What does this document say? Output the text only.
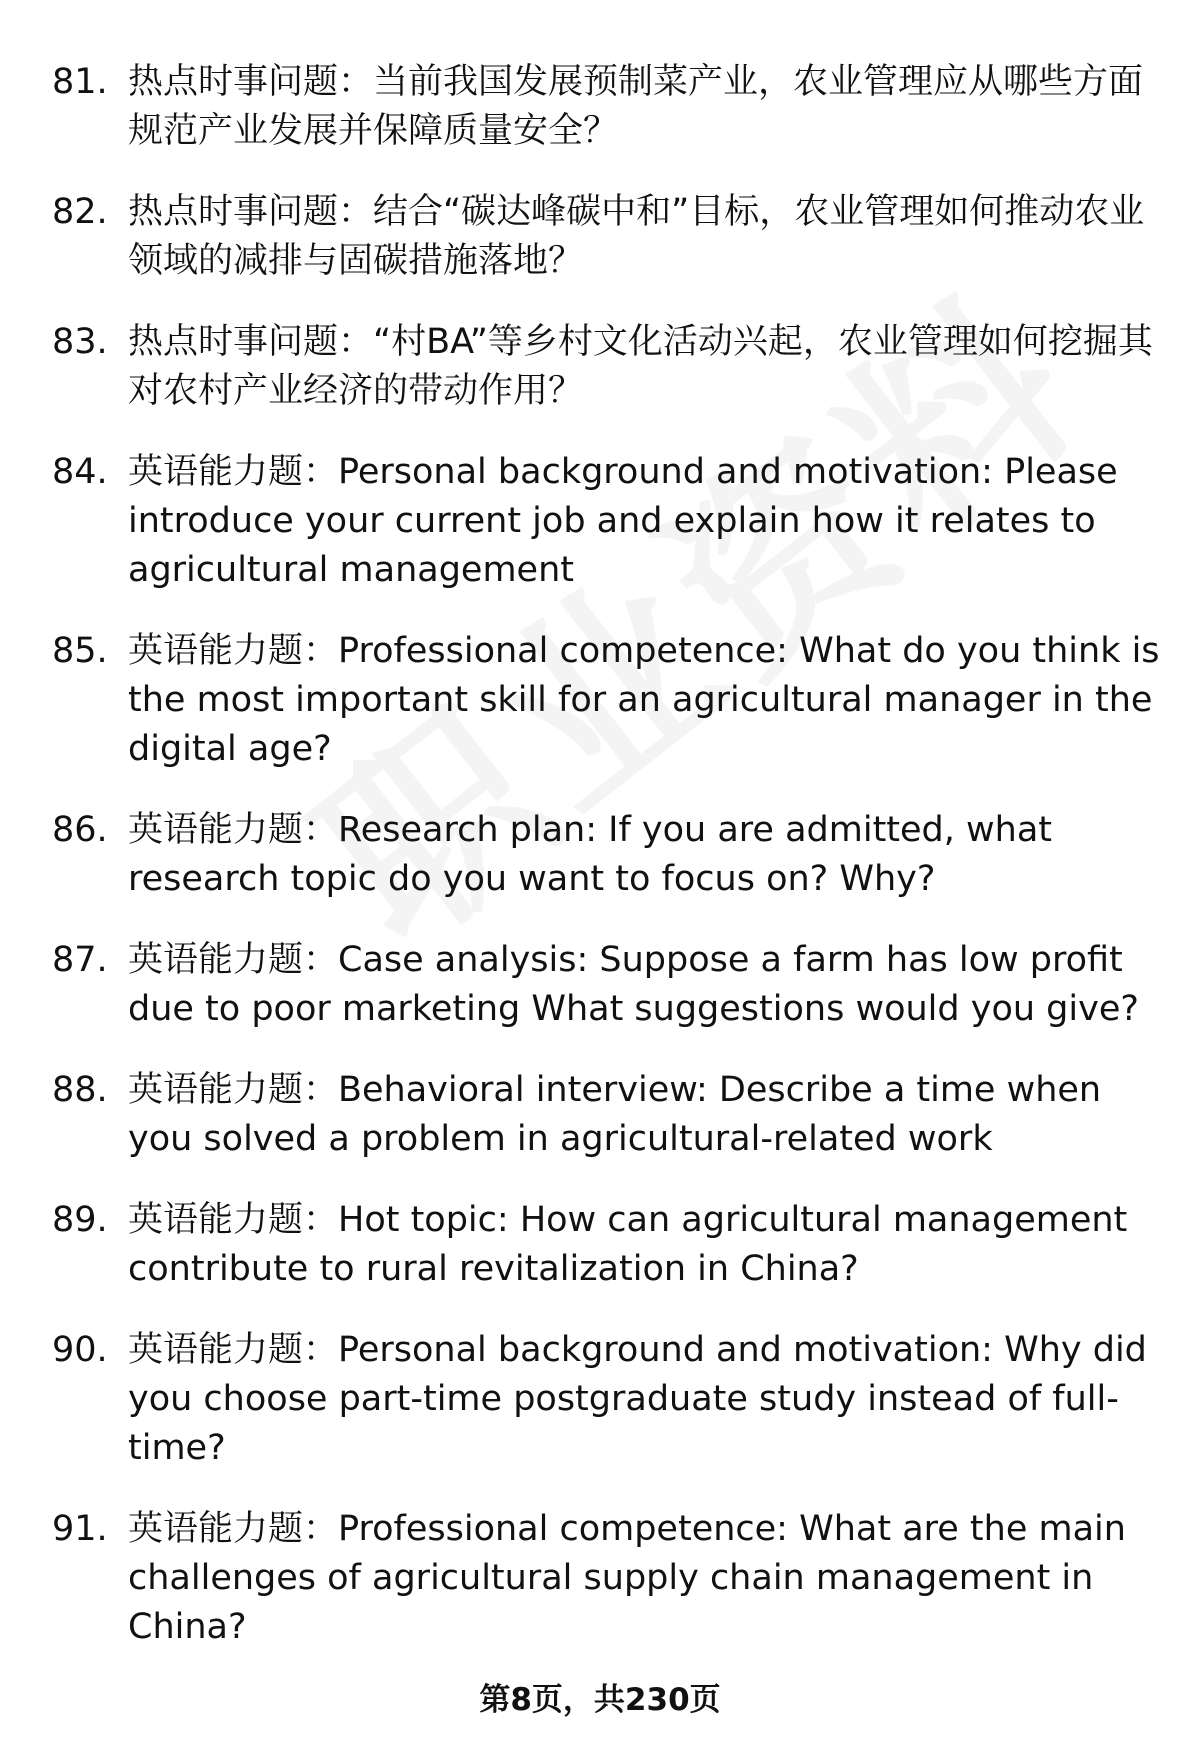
81. 热点时事问题：当前我国发展预制菜产业，农业管理应从哪些方面规范产业发展并保障质量安全？
82. 热点时事问题：结合“碳达峰碳中和”目标，农业管理如何推动农业领域的减排与固碳措施落地？
83. 热点时事问题：“村BA”等乡村文化活动兴起，农业管理如何挖掘其对农村产业经济的带动作用？
84. 英语能力题：Personal background and motivation: Please introduce your current job and explain how it relates to agricultural management
85. 英语能力题：Professional competence: What do you think is the most important skill for an agricultural manager in the digital age?
86. 英语能力题：Research plan: If you are admitted, what research topic do you want to focus on? Why?
87. 英语能力题：Case analysis: Suppose a farm has low profit due to poor marketing What suggestions would you give?
88. 英语能力题：Behavioral interview: Describe a time when you solved a problem in agricultural-related work
89. 英语能力题：Hot topic: How can agricultural management contribute to rural revitalization in China?
90. 英语能力题：Personal background and motivation: Why did you choose part-time postgraduate study instead of full-time?
91. 英语能力题：Professional competence: What are the main challenges of agricultural supply chain management in China?
第8页，共230页
